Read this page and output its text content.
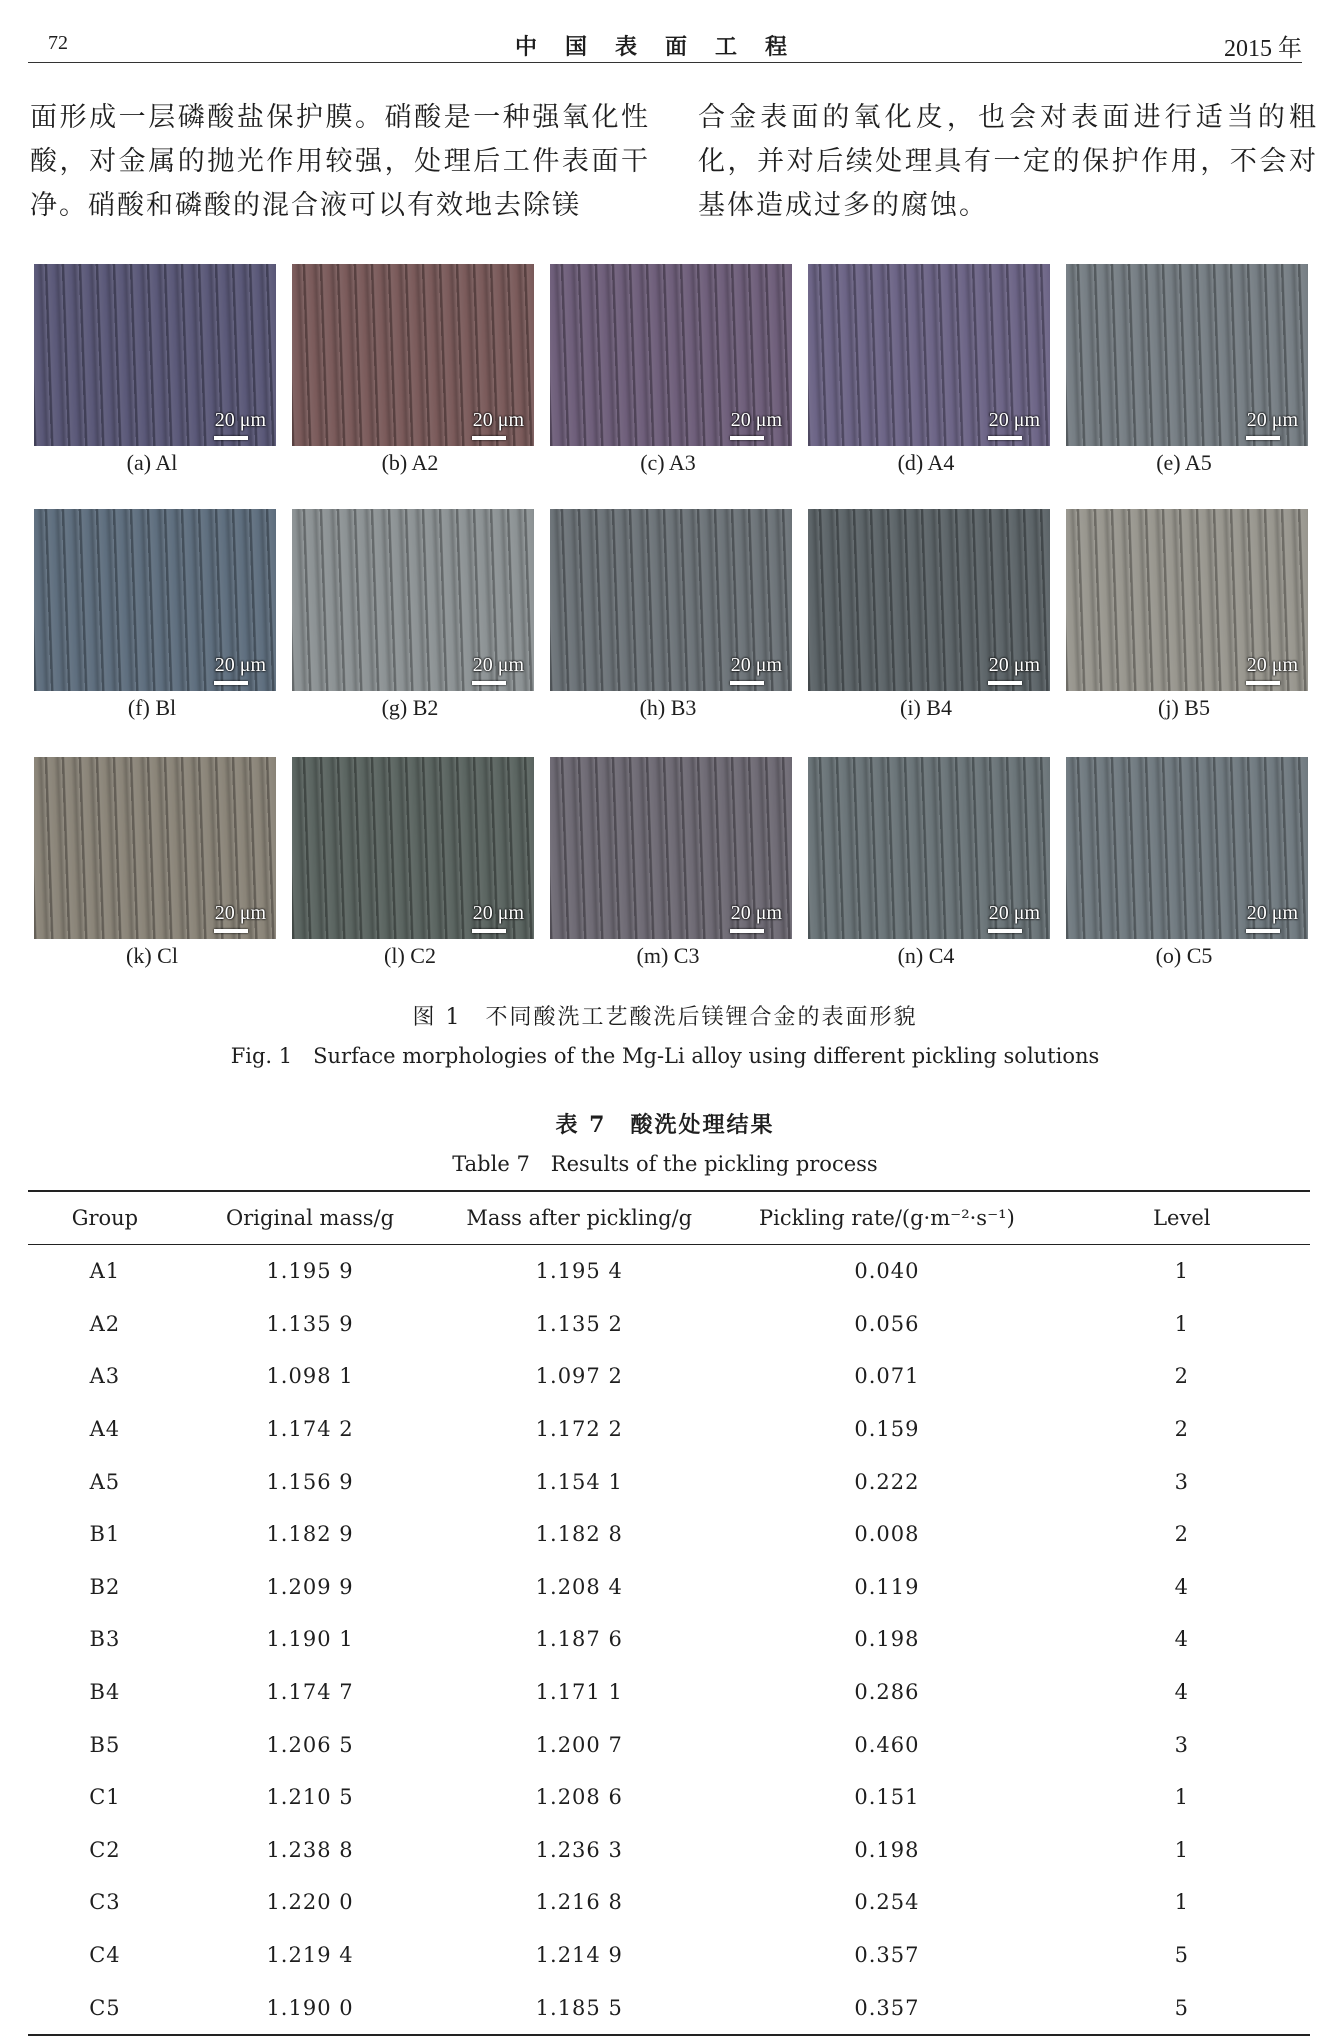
72	中国表面工程	2015 年
面形成一层磷酸盐保护膜。硝酸是一种强氧化性酸，对金属的抛光作用较强，处理后工件表面干净。硝酸和磷酸的混合液可以有效地去除镁
合金表面的氧化皮，也会对表面进行适当的粗化，并对后续处理具有一定的保护作用，不会对基体造成过多的腐蚀。
20 μm
(a) Al
20 μm
(b) A2
20 μm
(c) A3
20 μm
(d) A4
20 μm
(e) A5
20 μm
(f) Bl
20 μm
(g) B2
20 μm
(h) B3
20 μm
(i) B4
20 μm
(j) B5
20 μm
(k) Cl
20 μm
(l) C2
20 μm
(m) C3
20 μm
(n) C4
20 μm
(o) C5
图 1　不同酸洗工艺酸洗后镁锂合金的表面形貌
Fig. 1　Surface morphologies of the Mg-Li alloy using different pickling solutions
表 7　酸洗处理结果
Table 7　Results of the pickling process
Group	Original mass/g	Mass after pickling/g	Pickling rate/(g·m⁻²·s⁻¹)	Level
A1	1.195 9	1.195 4	0.040	1
A2	1.135 9	1.135 2	0.056	1
A3	1.098 1	1.097 2	0.071	2
A4	1.174 2	1.172 2	0.159	2
A5	1.156 9	1.154 1	0.222	3
B1	1.182 9	1.182 8	0.008	2
B2	1.209 9	1.208 4	0.119	4
B3	1.190 1	1.187 6	0.198	4
B4	1.174 7	1.171 1	0.286	4
B5	1.206 5	1.200 7	0.460	3
C1	1.210 5	1.208 6	0.151	1
C2	1.238 8	1.236 3	0.198	1
C3	1.220 0	1.216 8	0.254	1
C4	1.219 4	1.214 9	0.357	5
C5	1.190 0	1.185 5	0.357	5
